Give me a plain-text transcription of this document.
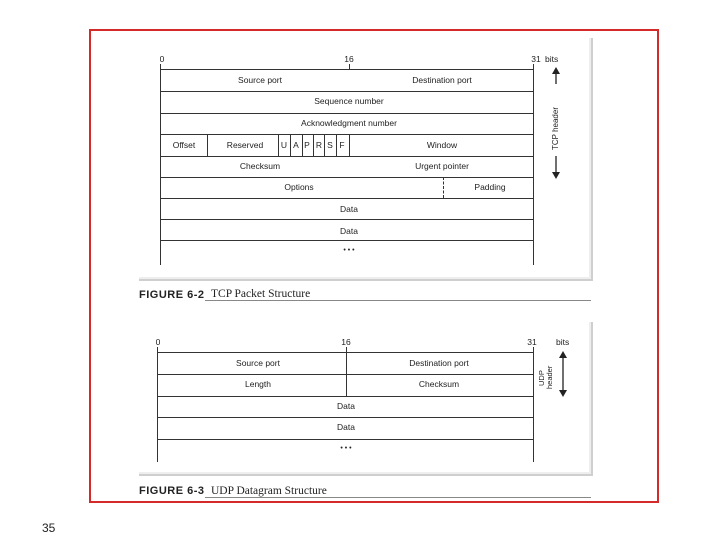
0	16	31 bits
Source port	Destination port
Sequence number
Acknowledgment number
Offset	Reserved U A P R S F	Window
Checksum	Urgent pointer
Options	Padding
Data
Data
• • •
TCP header
FIGURE 6-2 TCP Packet Structure
0	16	31 bits
Source port	Destination port
Length	Checksum
Data
Data
• • •
UDP header
FIGURE 6-3 UDP Datagram Structure
35
